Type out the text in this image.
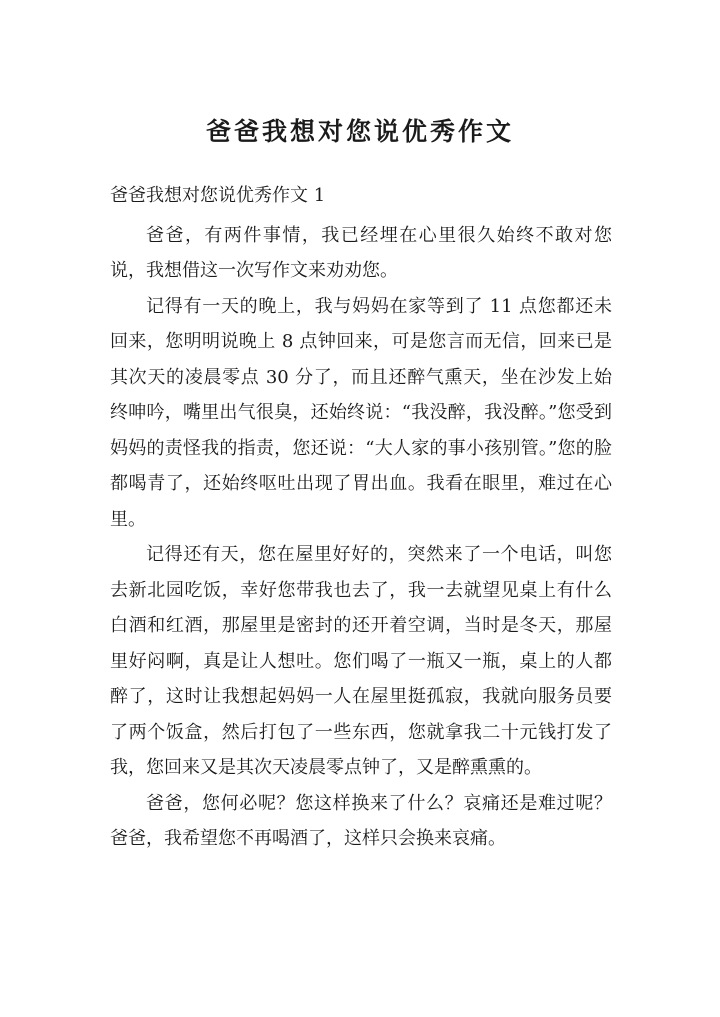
爸爸我想对您说优秀作文
爸爸我想对您说优秀作文 1

爸爸，有两件事情，我已经埋在心里很久始终不敢对您说，我想借这一次写作文来劝劝您。

记得有一天的晚上，我与妈妈在家等到了 11 点您都还未回来，您明明说晚上 8 点钟回来，可是您言而无信，回来已是其次天的凌晨零点 30 分了，而且还醉气熏天，坐在沙发上始终呻吟，嘴里出气很臭，还始终说：“我没醉，我没醉。”您受到妈妈的责怪我的指责，您还说：“大人家的事小孩别管。”您的脸都喝青了，还始终呕吐出现了胃出血。我看在眼里，难过在心里。

记得还有天，您在屋里好好的，突然来了一个电话，叫您去新北园吃饭，幸好您带我也去了，我一去就望见桌上有什么白酒和红酒，那屋里是密封的还开着空调，当时是冬天，那屋里好闷啊，真是让人想吐。您们喝了一瓶又一瓶，桌上的人都醉了，这时让我想起妈妈一人在屋里挺孤寂，我就向服务员要了两个饭盒，然后打包了一些东西，您就拿我二十元钱打发了我，您回来又是其次天凌晨零点钟了，又是醉熏熏的。

爸爸，您何必呢？您这样换来了什么？哀痛还是难过呢？爸爸，我希望您不再喝酒了，这样只会换来哀痛。
